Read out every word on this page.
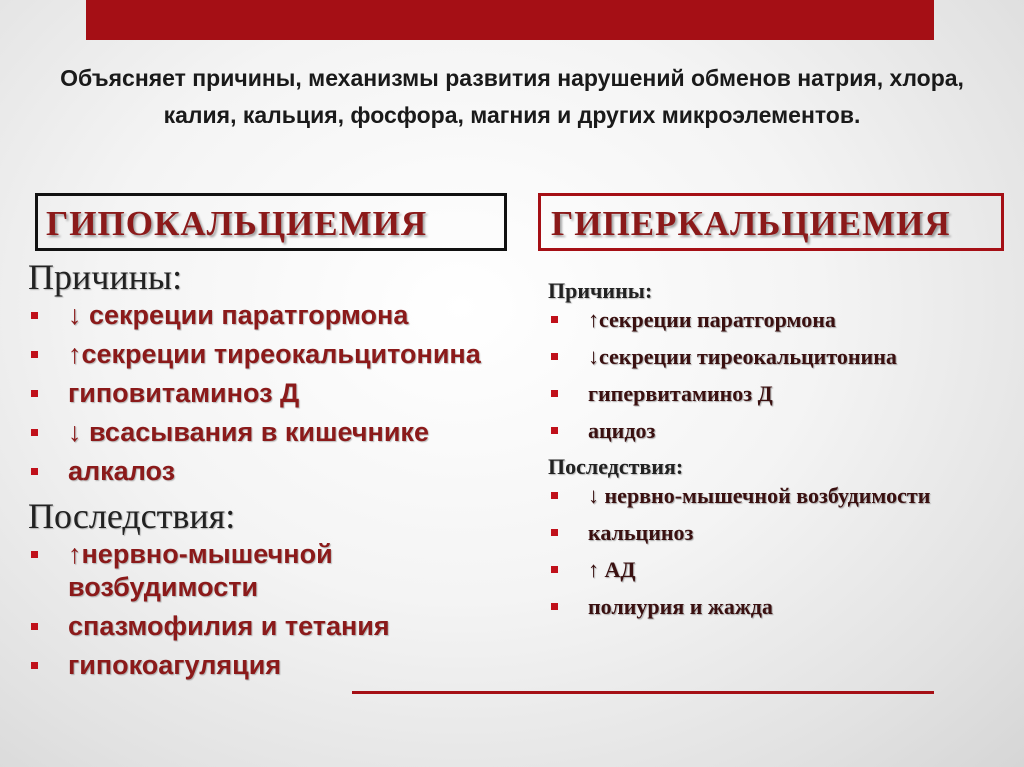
Объясняет причины, механизмы развития нарушений обменов натрия, хлора, калия, кальция, фосфора, магния и других микроэлементов.
ГИПОКАЛЬЦИЕМИЯ	ГИПЕРКАЛЬЦИЕМИЯ
Причины:
↓ секреции паратгормона
↑секреции тиреокальцитонина
гиповитаминоз Д
↓ всасывания в кишечнике
алкалоз
Последствия:
↑нервно-мышечной возбудимости
спазмофилия и тетания
гипокоагуляция
Причины:
↑секреции паратгормона
↓секреции тиреокальцитонина
гипервитаминоз Д
ацидоз
Последствия:
↓ нервно-мышечной возбудимости
кальциноз
↑ АД
полиурия и жажда
